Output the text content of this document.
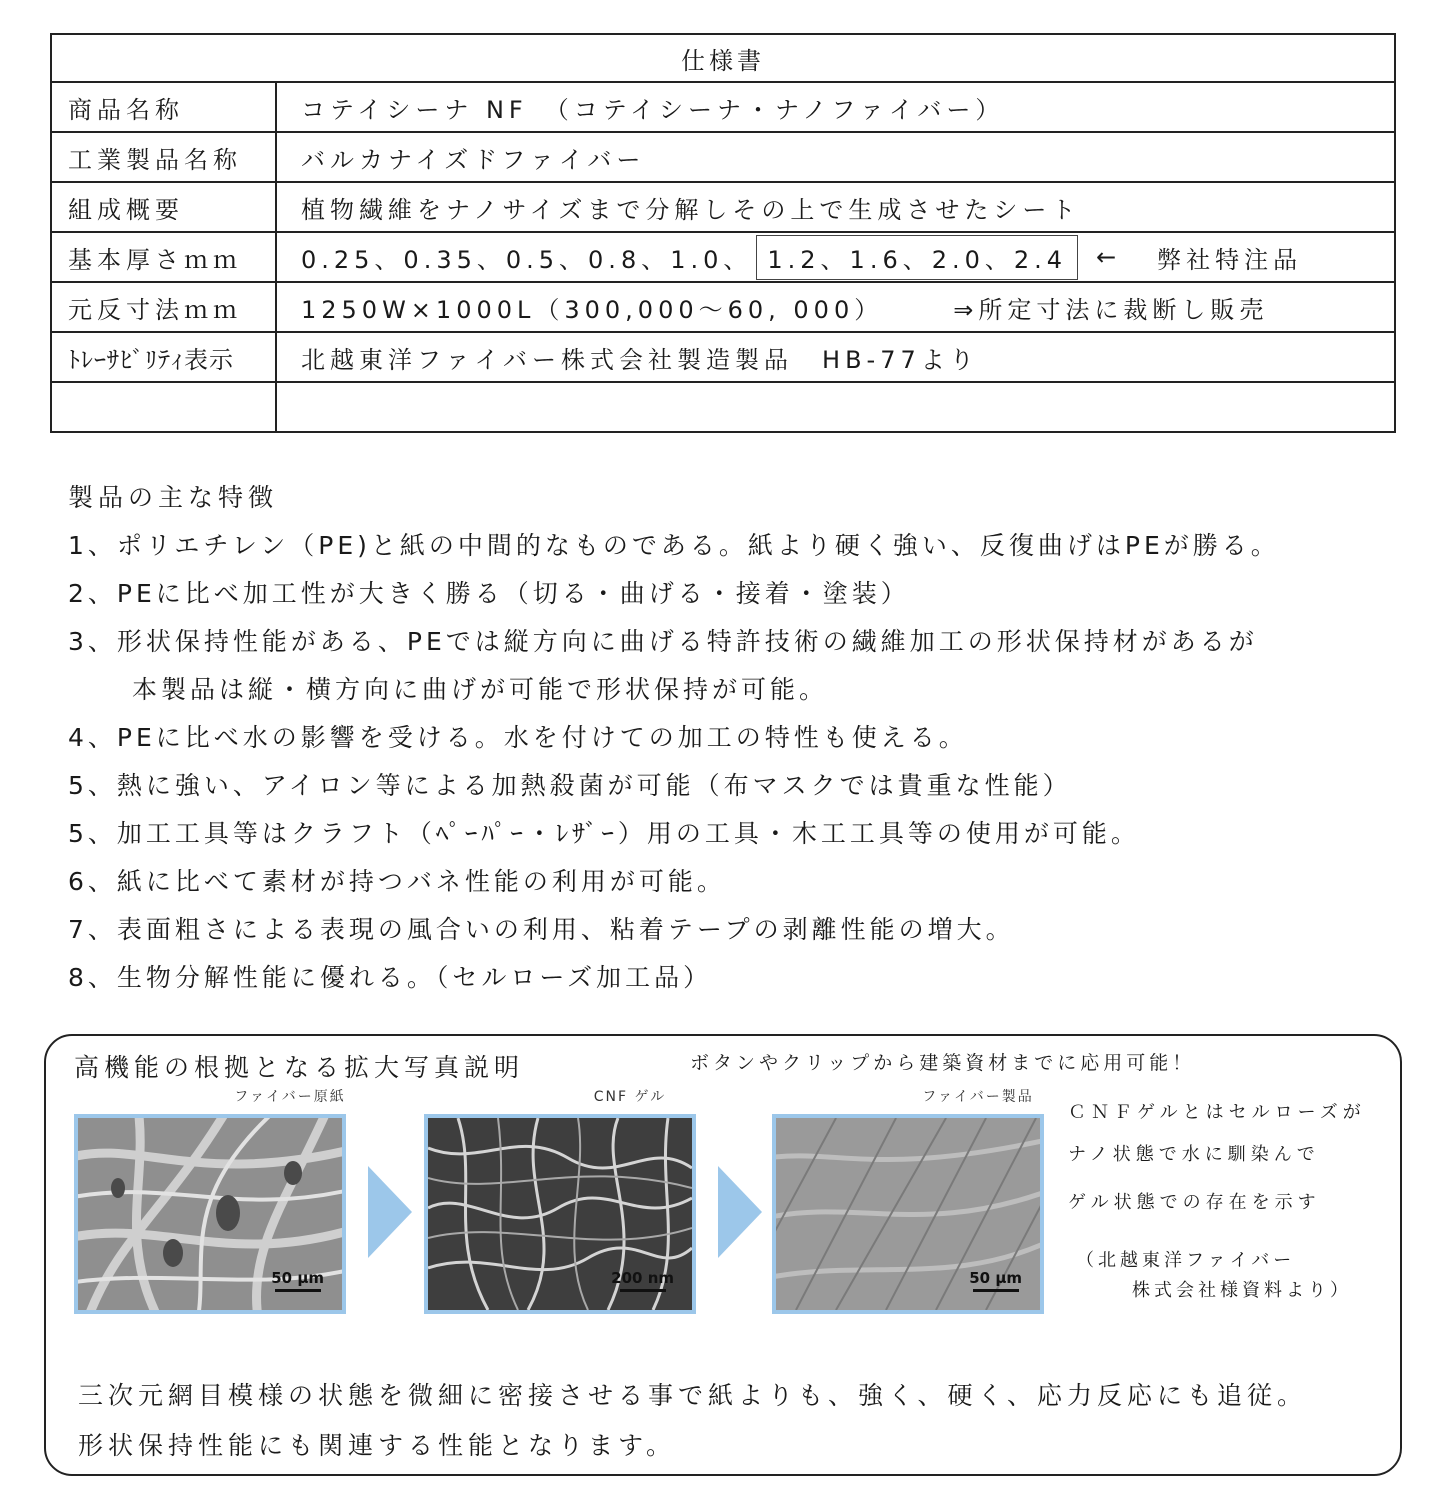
仕様書
商品名称	コテイシーナ NF　（コテイシーナ・ナノファイバー）
工業製品名称	バルカナイズドファイバー
組成概要	植物繊維をナノサイズまで分解しその上で生成させたシート
基本厚さｍｍ	0.25、0.35、0.5、0.8、1.0、 1.2、1.6、2.0、2.4	← 弊社特注品
元反寸法ｍｍ	1250W×1000L（300,000～60, 000）	⇒所定寸法に裁断し販売
ﾄﾚｰｻﾋﾞﾘﾃｨ表示	北越東洋ファイバー株式会社製造製品　HB-77より
製品の主な特徴
1、ポリエチレン（PE)と紙の中間的なものである。紙より硬く強い、反復曲げはPEが勝る。
2、PEに比べ加工性が大きく勝る（切る・曲げる・接着・塗装）
3、形状保持性能がある、PEでは縦方向に曲げる特許技術の繊維加工の形状保持材があるが
本製品は縦・横方向に曲げが可能で形状保持が可能。
4、PEに比べ水の影響を受ける。水を付けての加工の特性も使える。
5、熱に強い、アイロン等による加熱殺菌が可能（布マスクでは貴重な性能）
5、加工工具等はクラフト（ﾍﾟｰﾊﾟｰ・ﾚｻﾞｰ）用の工具・木工工具等の使用が可能。
6、紙に比べて素材が持つバネ性能の利用が可能。
7、表面粗さによる表現の風合いの利用、粘着テープの剥離性能の増大。
8、生物分解性能に優れる。（セルローズ加工品）
高機能の根拠となる拡大写真説明	ボタンやクリップから建築資材までに応用可能！
ファイバー原紙
50 μm
CNF ゲル
200 nm
ファイバー製品
50 μm
ＣＮＦゲルとはセルローズが
ナノ状態で水に馴染んで
ゲル状態での存在を示す
（北越東洋ファイバー
株式会社様資料より）
三次元網目模様の状態を微細に密接させる事で紙よりも、強く、硬く、応力反応にも追従。
形状保持性能にも関連する性能となります。
